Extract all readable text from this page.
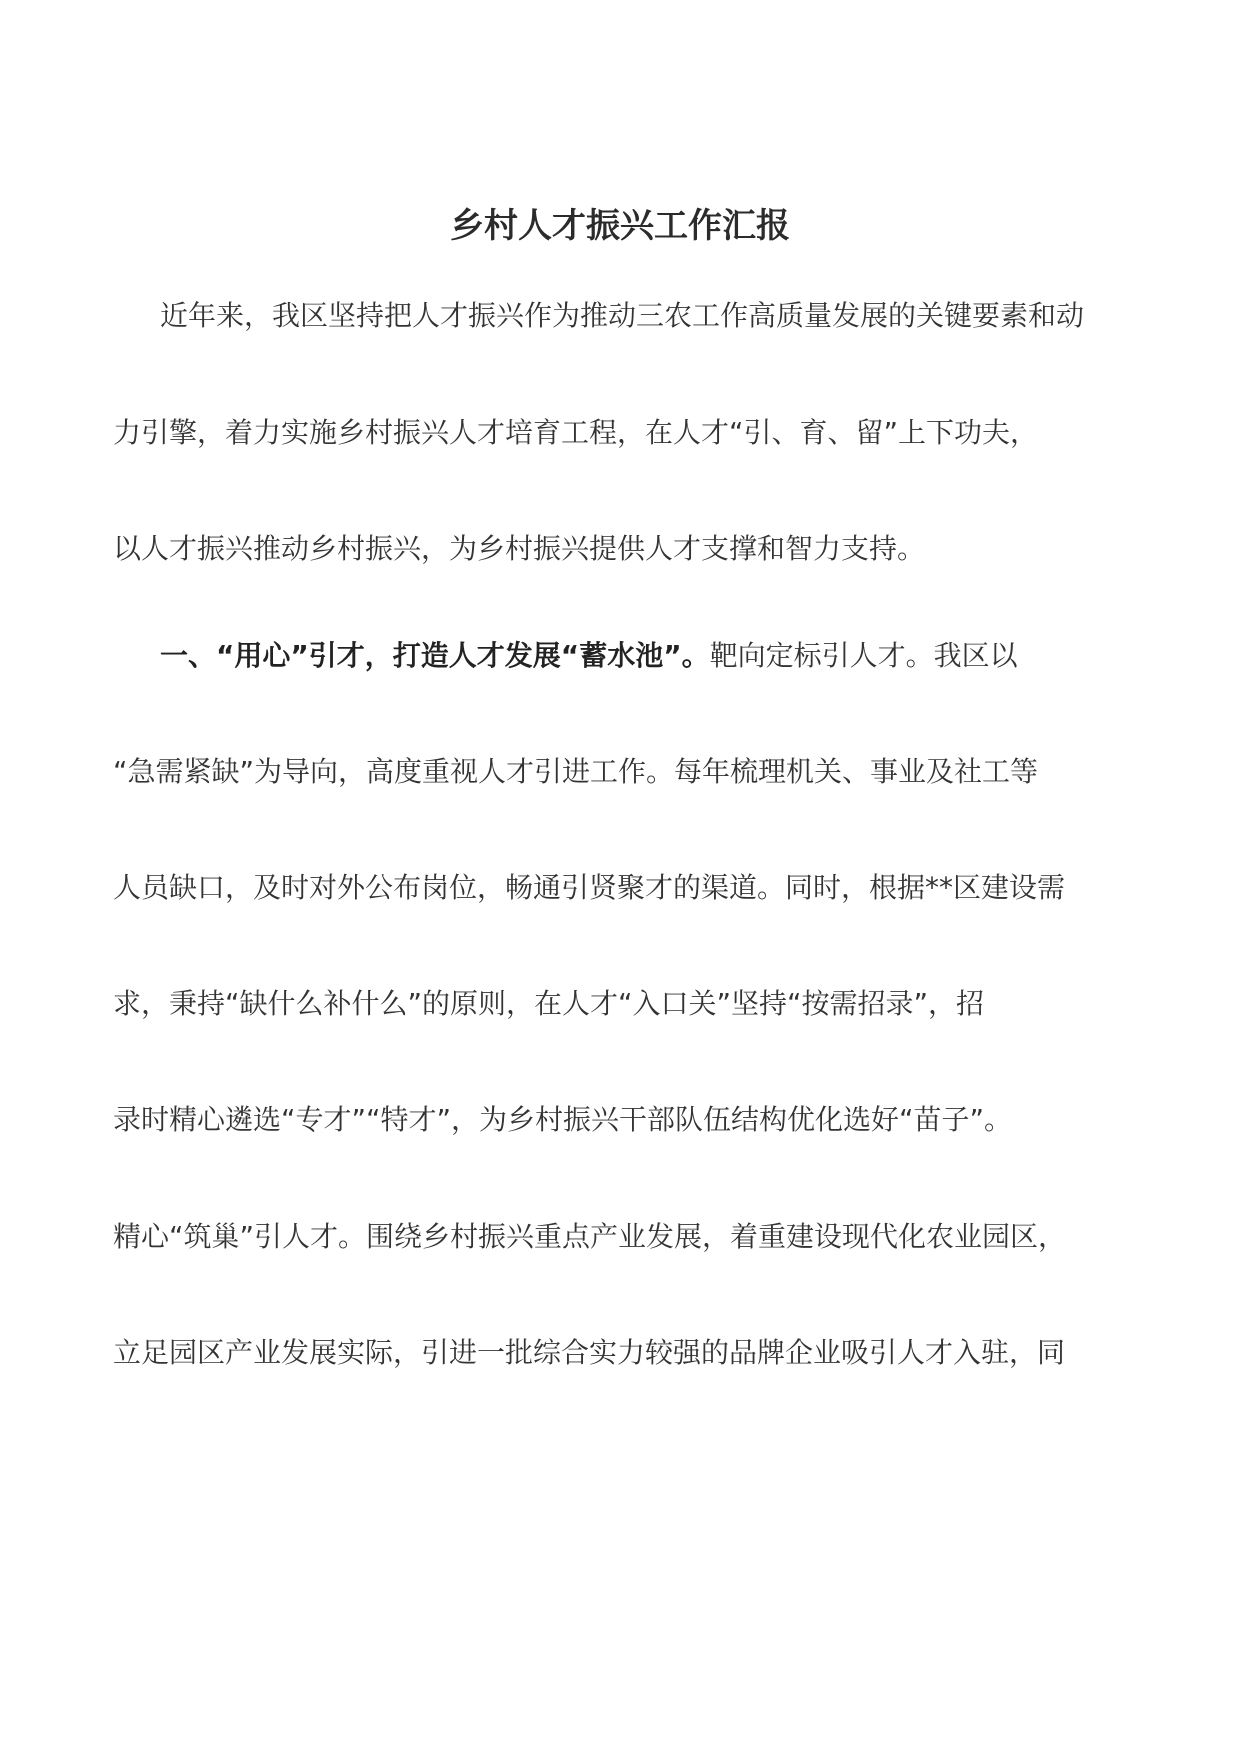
乡村人才振兴工作汇报
近年来，我区坚持把人才振兴作为推动三农工作高质量发展的关键要素和动
力引擎，着力实施乡村振兴人才培育工程，在人才“引、育、留”上下功夫，
以人才振兴推动乡村振兴，为乡村振兴提供人才支撑和智力支持。
一、“用心”引才，打造人才发展“蓄水池”。靶向定标引人才。我区以
“急需紧缺”为导向，高度重视人才引进工作。每年梳理机关、事业及社工等
人员缺口，及时对外公布岗位，畅通引贤聚才的渠道。同时，根据**区建设需
求，秉持“缺什么补什么”的原则，在人才“入口关”坚持“按需招录”，招
录时精心遴选“专才”“特才”，为乡村振兴干部队伍结构优化选好“苗子”。
精心“筑巢”引人才。围绕乡村振兴重点产业发展，着重建设现代化农业园区，
立足园区产业发展实际，引进一批综合实力较强的品牌企业吸引人才入驻，同
